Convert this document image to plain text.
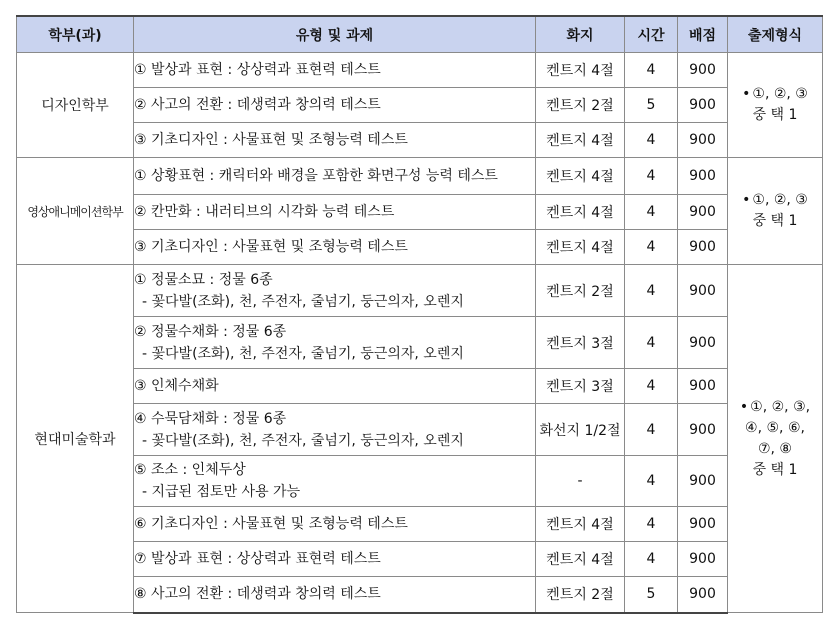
학부(과)	유형 및 과제	화지	시간	배점	출제형식
디자인학부	① 발상과 표현 : 상상력과 표현력 테스트	켄트지 4절	4	900	• ①, ②, ③
중 택 1

	② 사고의 전환 : 데생력과 창의력 테스트	켄트지 2절	5	900	

	③ 기초디자인 : 사물표현 및 조형능력 테스트	켄트지 4절	4	900	
영상애니메이션학부	① 상황표현 : 캐릭터와 배경을 포함한 화면구성 능력 테스트	켄트지 4절	4	900	• ①, ②, ③
중 택 1

	② 칸만화 : 내러티브의 시각화 능력 테스트	켄트지 4절	4	900	

	③ 기초디자인 : 사물표현 및 조형능력 테스트	켄트지 4절	4	900	
현대미술학과	① 정물소묘 : 정물 6종
- 꽃다발(조화), 천, 주전자, 줄넘기, 둥근의자, 오렌지	켄트지 2절	4	900	• ①, ②, ③,
④, ⑤, ⑥,
⑦, ⑧
중 택 1

	② 정물수채화 : 정물 6종
- 꽃다발(조화), 천, 주전자, 줄넘기, 둥근의자, 오렌지	켄트지 3절	4	900	

	③ 인체수채화	켄트지 3절	4	900	

	④ 수묵담채화 : 정물 6종
- 꽃다발(조화), 천, 주전자, 줄넘기, 둥근의자, 오렌지	화선지 1/2절	4	900	

	⑤ 조소 : 인체두상
- 지급된 점토만 사용 가능	-	4	900	

	⑥ 기초디자인 : 사물표현 및 조형능력 테스트	켄트지 4절	4	900	

	⑦ 발상과 표현 : 상상력과 표현력 테스트	켄트지 4절	4	900	

	⑧ 사고의 전환 : 데생력과 창의력 테스트	켄트지 2절	5	900	
